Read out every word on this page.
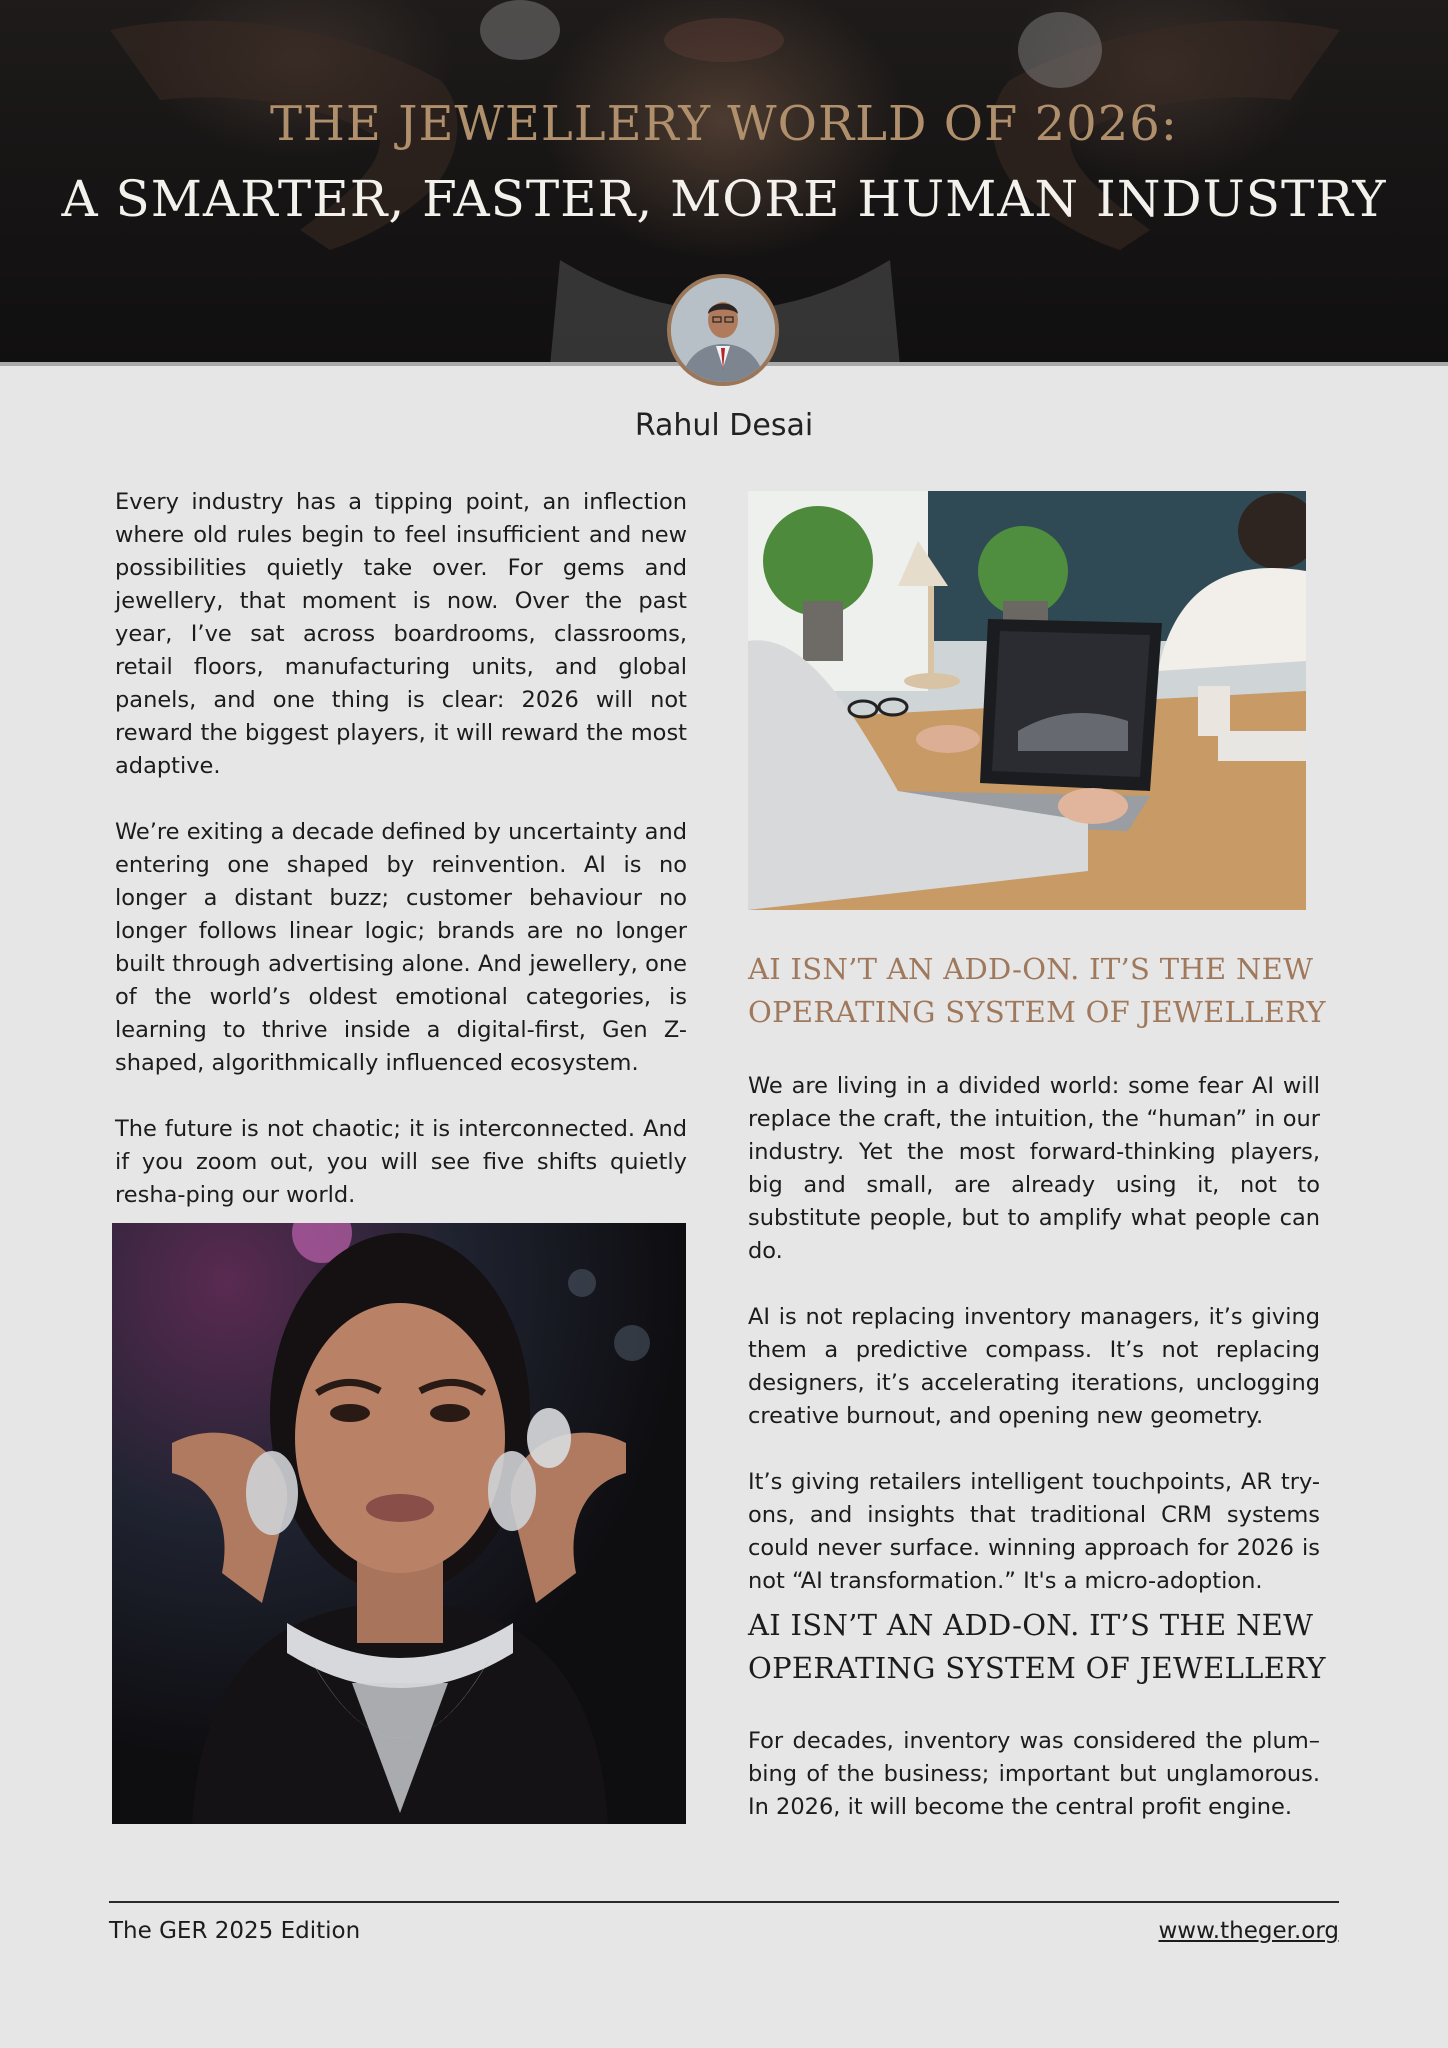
THE JEWELLERY WORLD OF 2026:
A SMARTER, FASTER, MORE HUMAN INDUSTRY

Rahul Desai

Every industry has a tipping point, an inflection where old rules begin to feel insufficient and new possibilities quietly take over. For gems and jewellery, that moment is now. Over the past year, I’ve sat across boardrooms, classrooms, retail floors, manufacturing units, and global panels, and one thing is clear: 2026 will not reward the biggest players, it will reward the most adaptive.

We’re exiting a decade defined by uncertainty and entering one shaped by reinvention. AI is no longer a distant buzz; customer behaviour no longer follows linear logic; brands are no longer built through advertising alone. And jewellery, one of the world’s oldest emotional categories, is learning to thrive inside a digital-first, Gen Z-shaped, algorithmically influenced ecosystem.

The future is not chaotic; it is interconnected. And if you zoom out, you will see five shifts quietly resha-ping our world.

AI ISN’T AN ADD-ON. IT’S THE NEW OPERATING SYSTEM OF JEWELLERY

We are living in a divided world: some fear AI will replace the craft, the intuition, the “human” in our industry. Yet the most forward-thinking players, big and small, are already using it, not to substitute people, but to amplify what people can do.

AI is not replacing inventory managers, it’s giving them a predictive compass. It’s not replacing designers, it’s accelerating iterations, unclogging creative burnout, and opening new geometry.

It’s giving retailers intelligent touchpoints, AR try-ons, and insights that traditional CRM systems could never surface. winning approach for 2026 is not “AI transformation.” It's a micro-adoption.

AI ISN’T AN ADD-ON. IT’S THE NEW OPERATING SYSTEM OF JEWELLERY

For decades, inventory was considered the plum–bing of the business; important but unglamorous. In 2026, it will become the central profit engine.

The GER 2025 Edition	www.theger.org
